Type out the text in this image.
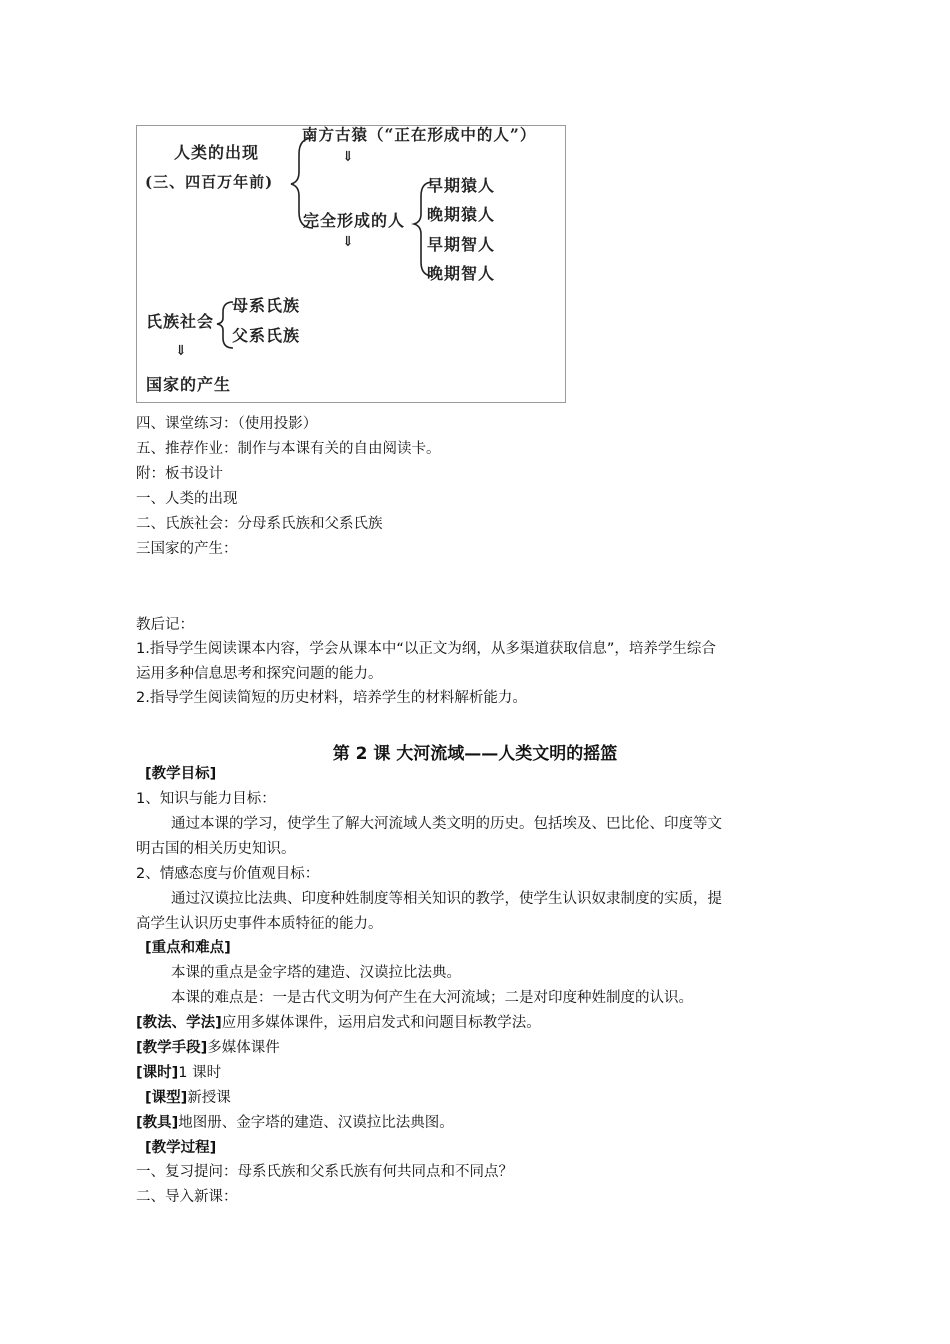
人类的出现
(三、四百万年前)
南方古猿（“正在形成中的人”）
⇓
完全形成的人
⇓
早期猿人
晚期猿人
早期智人
晚期智人
氏族社会
母系氏族
父系氏族
⇓
国家的产生
四、课堂练习：（使用投影）
五、推荐作业：制作与本课有关的自由阅读卡。
附：板书设计
一、人类的出现
二、氏族社会：分母系氏族和父系氏族
三国家的产生：
教后记：
1.指导学生阅读课本内容，学会从课本中“以正文为纲，从多渠道获取信息”，培养学生综合
运用多种信息思考和探究问题的能力。
2.指导学生阅读简短的历史材料，培养学生的材料解析能力。
第 2 课 大河流域——人类文明的摇篮
[教学目标]
1、知识与能力目标：
通过本课的学习，使学生了解大河流域人类文明的历史。包括埃及、巴比伦、印度等文
明古国的相关历史知识。
2、情感态度与价值观目标：
通过汉谟拉比法典、印度种姓制度等相关知识的教学，使学生认识奴隶制度的实质，提
高学生认识历史事件本质特征的能力。
[重点和难点]
本课的重点是金字塔的建造、汉谟拉比法典。
本课的难点是：一是古代文明为何产生在大河流域；二是对印度种姓制度的认识。
[教法、学法]应用多媒体课件，运用启发式和问题目标教学法。
[教学手段]多媒体课件
[课时]1 课时
[课型]新授课
[教具]地图册、金字塔的建造、汉谟拉比法典图。
[教学过程]
一、复习提问：母系氏族和父系氏族有何共同点和不同点？
二、导入新课：
